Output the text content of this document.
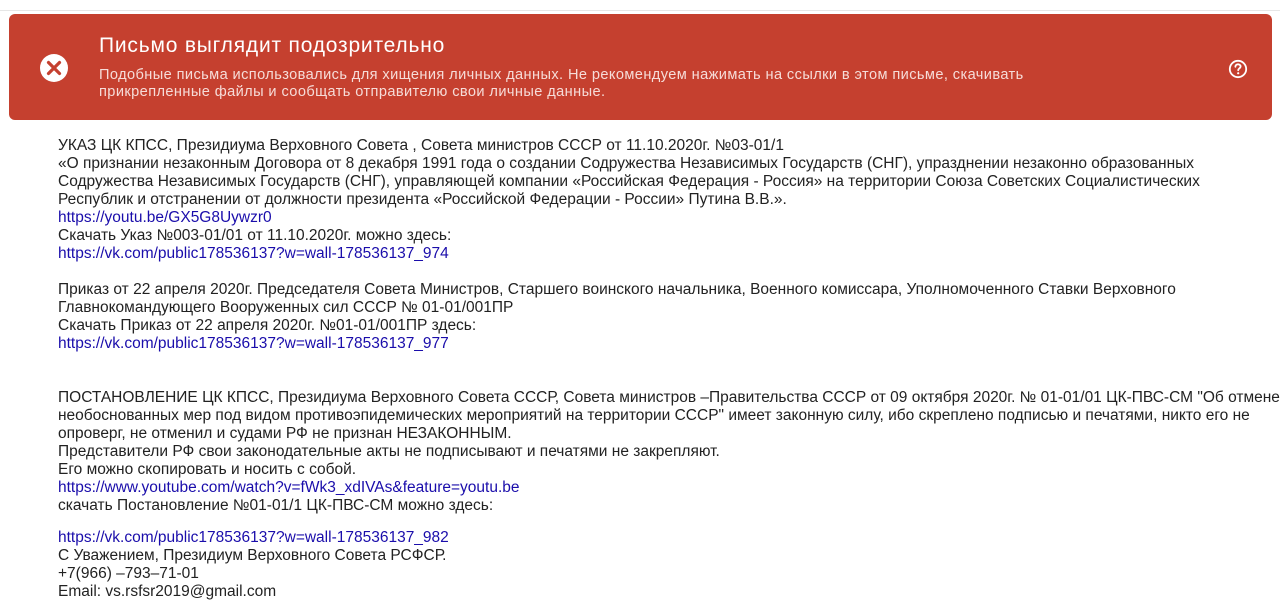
Письмо выглядит подозрительно
Подобные письма использовались для хищения личных данных. Не рекомендуем нажимать на ссылки в этом письме, скачивать прикрепленные файлы и сообщать отправителю свои личные данные.
УКАЗ ЦК КПСС, Президиума Верховного Совета , Совета министров СССР от 11.10.2020г. №03-01/1
«О признании незаконным Договора от 8 декабря 1991 года о создании Содружества Независимых Государств (СНГ), упразднении незаконно образованных
Содружества Независимых Государств (СНГ), управляющей компании «Российская Федерация - Россия» на территории Союза Советских Социалистических
Республик и отстранении от должности президента «Российской Федерации - России» Путина В.В.».
https://youtu.be/GX5G8Uywzr0
Скачать Указ №003-01/01 от 11.10.2020г. можно здесь:
https://vk.com/public178536137?w=wall-178536137_974
Приказ от 22 апреля 2020г. Председателя Совета Министров, Старшего воинского начальника, Военного комиссара, Уполномоченного Ставки Верховного
Главнокомандующего Вооруженных сил СССР № 01-01/001ПР
Скачать Приказ от 22 апреля 2020г. №01-01/001ПР здесь:
https://vk.com/public178536137?w=wall-178536137_977
ПОСТАНОВЛЕНИЕ ЦК КПСС, Президиума Верховного Совета СССР, Совета министров –Правительства СССР от 09 октября 2020г. № 01-01/01 ЦК-ПВС-СМ "Об отмене
необоснованных мер под видом противоэпидемических мероприятий на территории СССР" имеет законную силу, ибо скреплено подписью и печатями, никто его не
опроверг, не отменил и судами РФ не признан НЕЗАКОННЫМ.
Представители РФ свои законодательные акты не подписывают и печатями не закрепляют.
Его можно скопировать и носить с собой.
https://www.youtube.com/watch?v=fWk3_xdIVAs&feature=youtu.be
скачать Постановление №01-01/1 ЦК-ПВС-СМ можно здесь:
https://vk.com/public178536137?w=wall-178536137_982
С Уважением, Президиум Верховного Совета РСФСР.
+7(966) –793–71-01
Email: vs.rsfsr2019@gmail.com
